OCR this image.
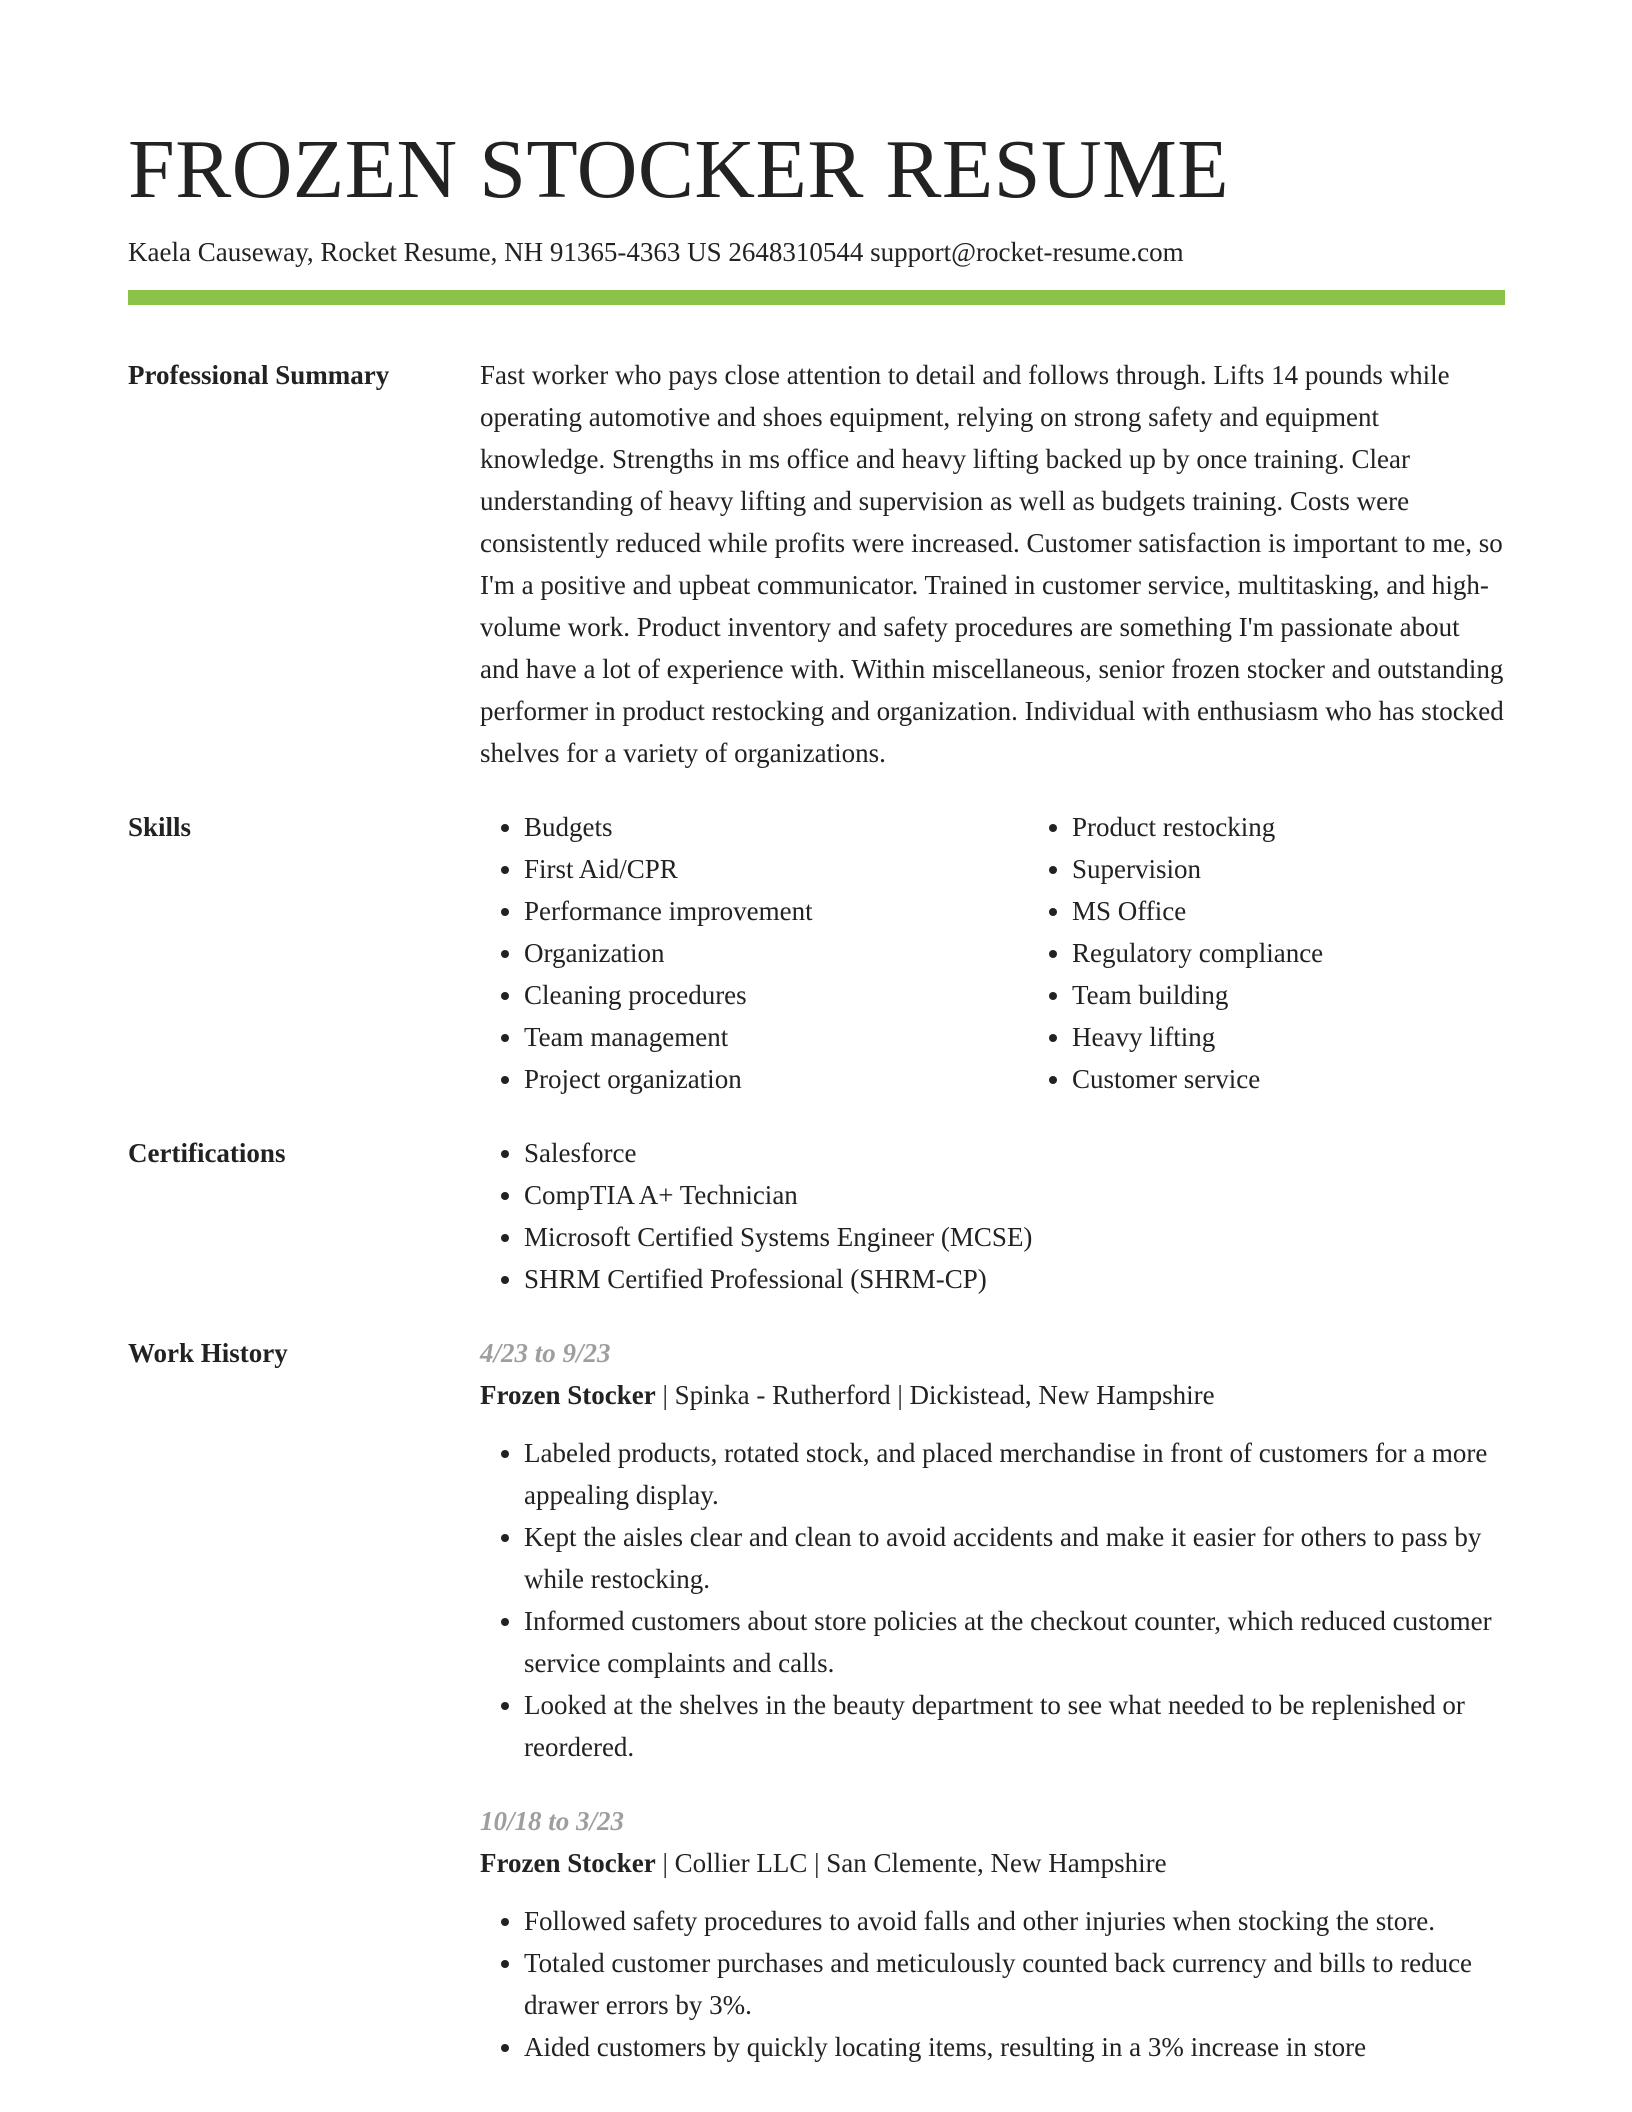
FROZEN STOCKER RESUME
Kaela Causeway, Rocket Resume, NH 91365-4363 US 2648310544 support@rocket-resume.com
Professional Summary	Fast worker who pays close attention to detail and follows through. Lifts 14 pounds while operating automotive and shoes equipment, relying on strong safety and equipment knowledge. Strengths in ms office and heavy lifting backed up by once training. Clear understanding of heavy lifting and supervision as well as budgets training. Costs were consistently reduced while profits were increased. Customer satisfaction is important to me, so I'm a positive and upbeat communicator. Trained in customer service, multitasking, and high-volume work. Product inventory and safety procedures are something I'm passionate about and have a lot of experience with. Within miscellaneous, senior frozen stocker and outstanding performer in product restocking and organization. Individual with enthusiasm who has stocked shelves for a variety of organizations.

Skills	• Budgets
• First Aid/CPR
• Performance improvement
• Organization
• Cleaning procedures
• Team management
• Project organization
• Product restocking
• Supervision
• MS Office
• Regulatory compliance
• Team building
• Heavy lifting
• Customer service
Certifications	• Salesforce
• CompTIA A+ Technician
• Microsoft Certified Systems Engineer (MCSE)
• SHRM Certified Professional (SHRM-CP)
Work History	4/23 to 9/23
Frozen Stocker | Spinka - Rutherford | Dickistead, New Hampshire
• Labeled products, rotated stock, and placed merchandise in front of customers for a more appealing display.
• Kept the aisles clear and clean to avoid accidents and make it easier for others to pass by while restocking.
• Informed customers about store policies at the checkout counter, which reduced customer service complaints and calls.
• Looked at the shelves in the beauty department to see what needed to be replenished or reordered.
10/18 to 3/23
Frozen Stocker | Collier LLC | San Clemente, New Hampshire
• Followed safety procedures to avoid falls and other injuries when stocking the store.
• Totaled customer purchases and meticulously counted back currency and bills to reduce drawer errors by 3%.
• Aided customers by quickly locating items, resulting in a 3% increase in store
